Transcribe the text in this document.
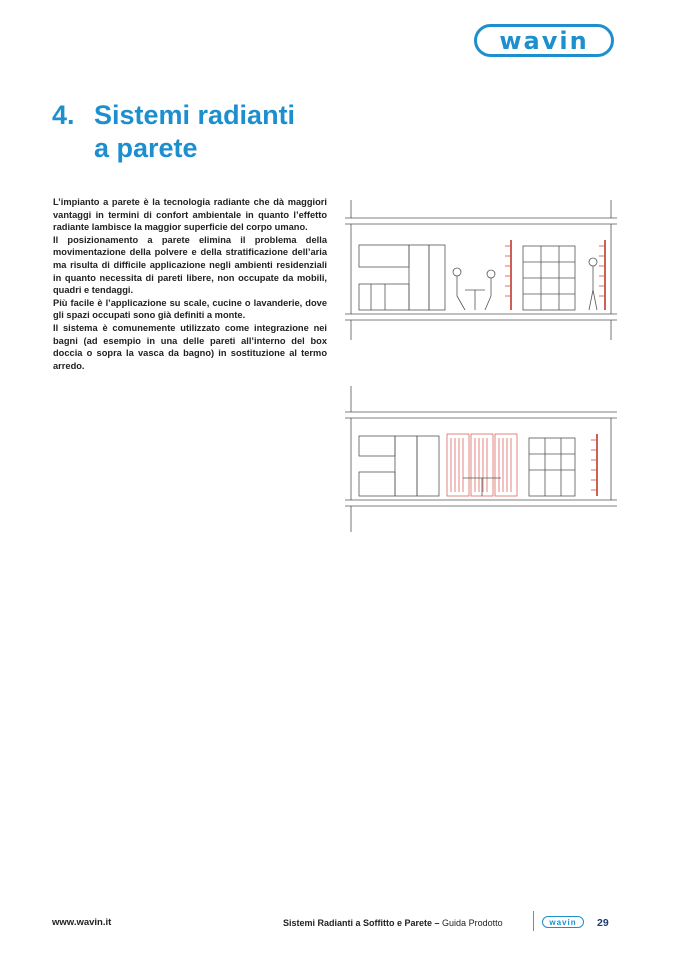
wavin
4. Sistemi radianti
a parete

L’impianto a parete è la tecnologia radiante che dà maggiori vantaggi in termini di confort ambientale in quanto l’effetto radiante lambisce la maggior superficie del corpo umano.

Il posizionamento a parete elimina il problema della movimentazione della polvere e della stratificazione dell’aria ma risulta di difficile applicazione negli ambienti residenziali in quanto necessita di pareti libere, non occupate da mobili, quadri e tendaggi.

Più facile è l’applicazione su scale, cucine o lavanderie, dove gli spazi occupati sono già definiti a monte.

Il sistema è comunemente utilizzato come integrazione nei bagni (ad esempio in una delle pareti all’interno del box doccia o sopra la vasca da bagno) in sostituzione al termo arredo.

www.wavin.it	Sistemi Radianti a Soffitto e Parete – Guida Prodotto	wavin	29
